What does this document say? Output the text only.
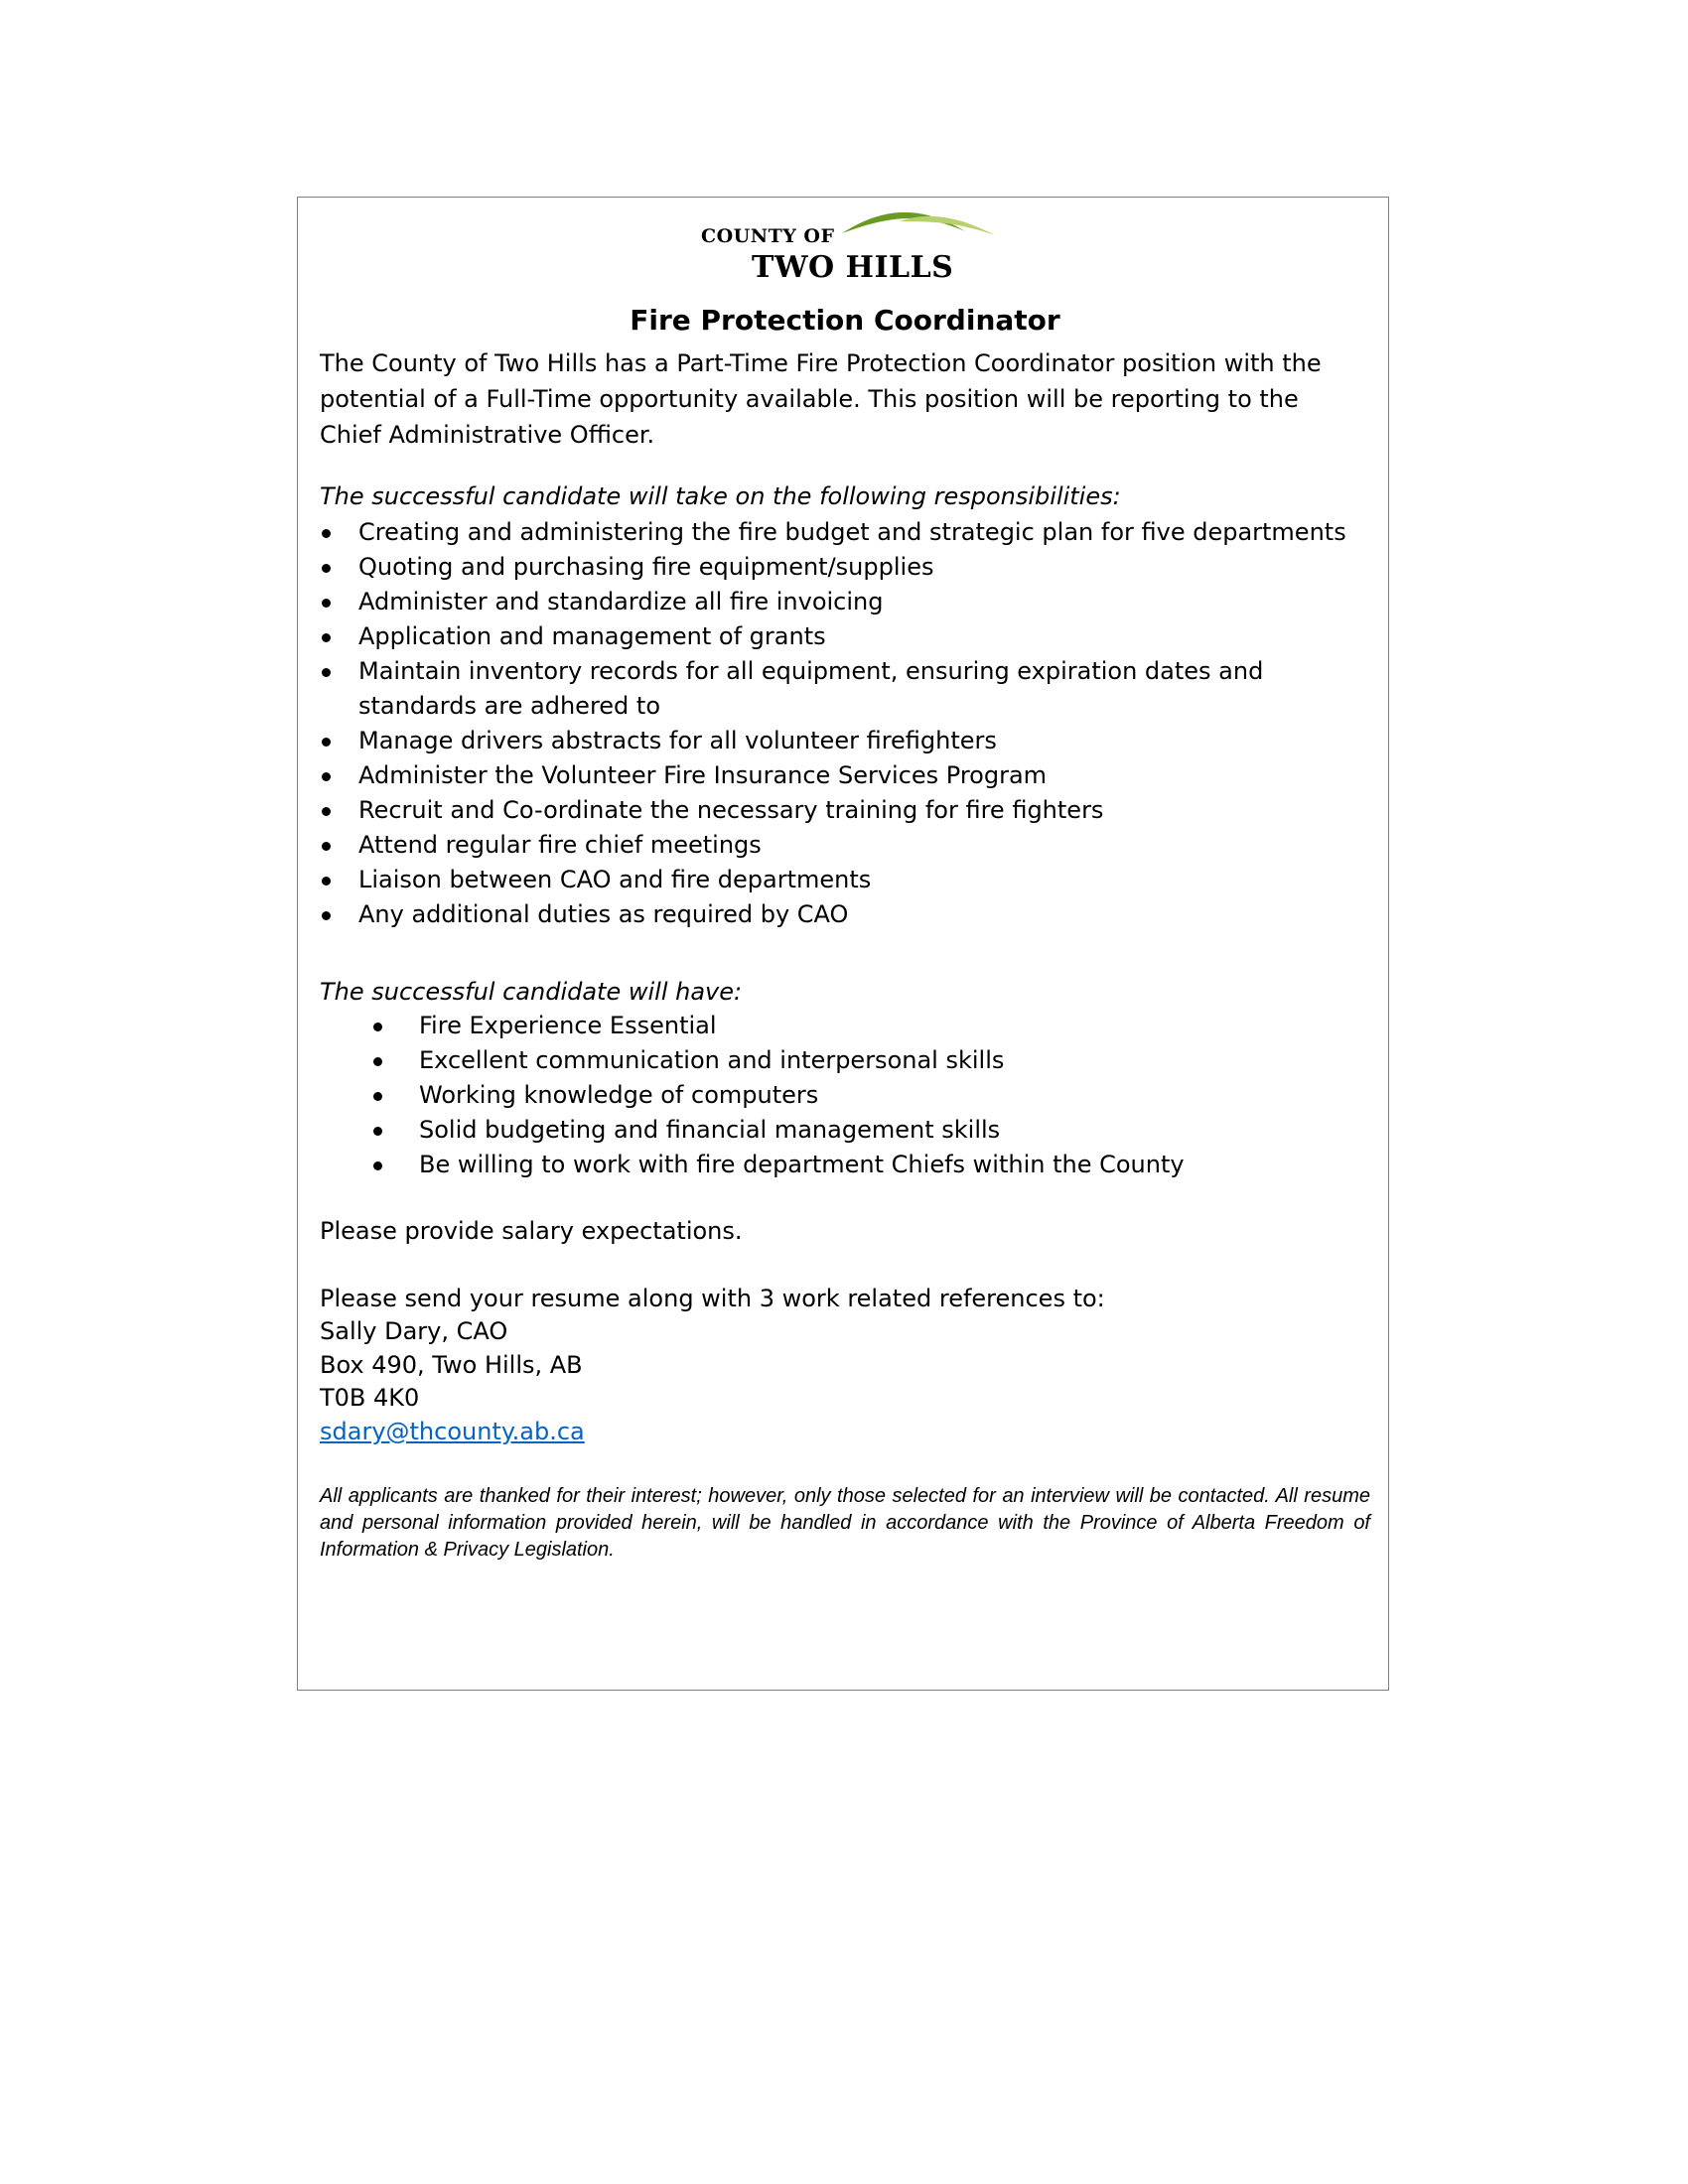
COUNTY OF
TWO HILLS
Fire Protection Coordinator
The County of Two Hills has a Part-Time Fire Protection Coordinator position with the potential of a Full-Time opportunity available. This position will be reporting to the Chief Administrative Officer.
The successful candidate will take on the following responsibilities:
Creating and administering the fire budget and strategic plan for five departments
Quoting and purchasing fire equipment/supplies
Administer and standardize all fire invoicing
Application and management of grants
Maintain inventory records for all equipment, ensuring expiration dates and standards are adhered to
Manage drivers abstracts for all volunteer firefighters
Administer the Volunteer Fire Insurance Services Program
Recruit and Co-ordinate the necessary training for fire fighters
Attend regular fire chief meetings
Liaison between CAO and fire departments
Any additional duties as required by CAO
The successful candidate will have:
Fire Experience Essential
Excellent communication and interpersonal skills
Working knowledge of computers
Solid budgeting and financial management skills
Be willing to work with fire department Chiefs within the County
Please provide salary expectations.
Please send your resume along with 3 work related references to:
Sally Dary, CAO
Box 490, Two Hills, AB
T0B 4K0
sdary@thcounty.ab.ca
All applicants are thanked for their interest; however, only those selected for an interview will be contacted. All resume and personal information provided herein, will be handled in accordance with the Province of Alberta Freedom of Information & Privacy Legislation.
